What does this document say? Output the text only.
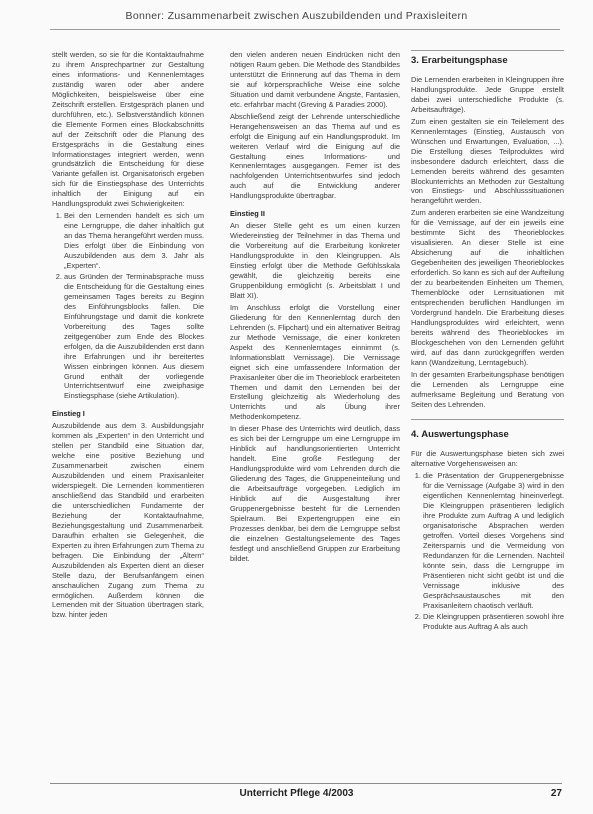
Bonner: Zusammenarbeit zwischen Auszubildenden und Praxisleitern

stellt werden, so sie für die Kontaktaufnahme zu ihrem Ansprechpartner zur Gestaltung eines informations- und Kennenlerntages zuständig waren oder aber andere Möglichkeiten, beispielsweise über eine Zeitschrift erstellen. Erstgespräch planen und durchführen, etc.). Selbstverständlich können die Elemente Formen eines Blockabschnitts auf der Zeitschrift oder die Planung des Erstgesprächs in die Gestaltung eines Informationstages integriert werden, wenn grundsätzlich die Entscheidung für diese Variante gefallen ist. Organisatorisch ergeben sich für die Einstiegsphase des Unterrichts inhaltlich der Einigung auf ein Handlungsprodukt zwei Schwierigkeiten:

1. Bei den Lernenden handelt es sich um eine Lerngruppe, die daher inhaltlich gut an das Thema herangeführt werden muss. Dies erfolgt über die Einbindung von Auszubildenden aus dem 3. Jahr als „Experten“.
2. aus Gründen der Terminabsprache muss die Entscheidung für die Gestaltung eines gemeinsamen Tages bereits zu Beginn des Einführungsblocks fallen. Die Einführungstage und damit die konkrete Vorbereitung des Tages sollte zeitgegenüber zum Ende des Blockes erfolgen, da die Auszubildenden erst dann ihre Erfahrungen und ihr bereitertes Wissen einbringen können. Aus diesem Grund enthält der vorliegende Unterrichtsentwurf eine zweiphasige Einstiegsphase (siehe Artikulation).
Einstieg I

Auszubildende aus dem 3. Ausbildungsjahr kommen als „Experten“ in den Unterricht und stellen per Standbild eine Situation dar, welche eine positive Beziehung und Zusammenarbeit zwischen einem Auszubildenden und einem Praxisanleiter widerspiegelt. Die Lernenden kommentieren anschließend das Standbild und erarbeiten die unterschiedlichen Fundamente der Beziehung der Kontaktaufnahme, Beziehungsgestaltung und Zusammenarbeit. Daraufhin erhalten sie Gelegenheit, die Experten zu ihren Erfahrungen zum Thema zu befragen. Die Einbindung der „Ältern“ Auszubildenden als Experten dient an dieser Stelle dazu, der Berufsanfängern einen anschaulichen Zugang zum Thema zu ermöglichen. Außerdem können die Lernenden mit der Situation übertragen stark, bzw. hinter jeden

den vielen anderen neuen Eindrücken nicht den nötigen Raum geben. Die Methode des Standbildes unterstützt die Erinnerung auf das Thema in dem sie auf körpersprachliche Weise eine solche Situation und damit verbundene Ängste, Fantasien, etc. erfahrbar macht (Greving & Paradies 2000).

Abschließend zeigt der Lehrende unterschiedliche Herangehensweisen an das Thema auf und es erfolgt die Einigung auf ein Handlungsprodukt. Im weiteren Verlauf wird die Einigung auf die Gestaltung eines Informations- und Kennenlerntages ausgegangen. Ferner ist des nachfolgenden Unterrichtsentwurfes sind jedoch auch auf die Entwicklung anderer Handlungsprodukte übertragbar.

Einstieg II

An dieser Stelle geht es um einen kurzen Wiedereinstieg der Teilnehmer in das Thema und die Vorbereitung auf die Erarbeitung konkreter Handlungsprodukte in den Kleingruppen. Als Einstieg erfolgt über die Methode Gefühlsskala gewählt, die gleichzeitig bereits eine Gruppenbildung ermöglicht (s. Arbeitsblatt I und Blatt XI).

Im Anschluss erfolgt die Vorstellung einer Gliederung für den Kennenlerntag durch den Lehrenden (s. Flipchart) und ein alternativer Beitrag zur Methode Vernissage, die einer konkreten Aspekt des Kennenlerntages einnimmt (s. Informationsblatt Vernissage). Die Vernissage eignet sich eine umfassendere Information der Praxisanleiter über die im Theorieblock erarbeiteten Themen und damit den Lernenden bei der Erstellung gleichzeitig als Wiederholung des Unterrichts und als Übung ihrer Methodenkompetenz.

In dieser Phase des Unterrichts wird deutlich, dass es sich bei der Lerngruppe um eine Lerngruppe im Hinblick auf handlungsorientierten Unterricht handelt. Eine große Festlegung der Handlungsprodukte wird vom Lehrenden durch die Gliederung des Tages, die Gruppeneinteilung und die Arbeitsaufträge vorgegeben. Lediglich im Hinblick auf die Ausgestaltung ihrer Gruppenergebnisse besteht für die Lernenden Spielraum. Bei Expertengruppen eine ein Prozesses denkbar, bei dem die Lerngruppe selbst die einzelnen Gestaltungselemente des Tages festlegt und anschließend Gruppen zur Erarbeitung bildet.

3. Erarbeitungsphase

Die Lernenden erarbeiten in Kleingruppen ihre Handlungsprodukte. Jede Gruppe erstellt dabei zwei unterschiedliche Produkte (s. Arbeitsaufträge).

Zum einen gestalten sie ein Teilelement des Kennenlerntages (Einstieg, Austausch von Wünschen und Erwartungen, Evaluation, ...). Die Erstellung dieses Teilproduktes wird insbesondere dadurch erleichtert, dass die Lernenden bereits während des gesamten Blockunterrichts an Methoden zur Gestaltung von Einstiegs- und Abschlusssituationen herangeführt werden.

Zum anderen erarbeiten sie eine Wandzeitung für die Vernissage, auf der ein jeweils eine bestimmte Sicht des Theorieblockes visualisieren. An dieser Stelle ist eine Absicherung auf die inhaltlichen Gegebenheiten des jeweiligen Theorieblockes erforderlich. So kann es sich auf der Aufteilung der zu bearbeitenden Einheiten um Themen, Themenblöcke oder Lernsituationen mit entsprechenden beruflichen Handlungen im Vordergrund handeln. Die Erarbeitung dieses Handlungsproduktes wird erleichtert, wenn bereits während des Theorieblockes im Blockgeschehen von den Lernenden geführt wird, auf das dann zurückgegriffen werden kann (Wandzeitung, Lerntagebuch).

In der gesamten Erarbeitungsphase benötigen die Lernenden als Lerngruppe eine aufmerksame Begleitung und Beratung von Seiten des Lehrenden.

4. Auswertungsphase

Für die Auswertungsphase bieten sich zwei alternative Vorgehensweisen an:

1. die Präsentation der Gruppenergebnisse für die Vernissage (Aufgabe 3) wird in den eigentlichen Kennenlerntag hineinverlegt. Die Kleingruppen präsentieren lediglich ihre Produkte zum Auftrag A und lediglich organisatorische Absprachen werden getroffen. Vorteil dieses Vorgehens sind Zeitersparnis und die Vermeidung von Redundanzen für die Lernenden. Nachteil könnte sein, dass die Lerngruppe im Präsentieren nicht sicht geübt ist und die Vernissage inklusive des Gesprächsaustausches mit den Praxisanleitern chaotisch verläuft.
2. Die Kleingruppen präsentieren sowohl ihre Produkte aus Auftrag A als auch
Unterricht Pflege 4/2003	27
